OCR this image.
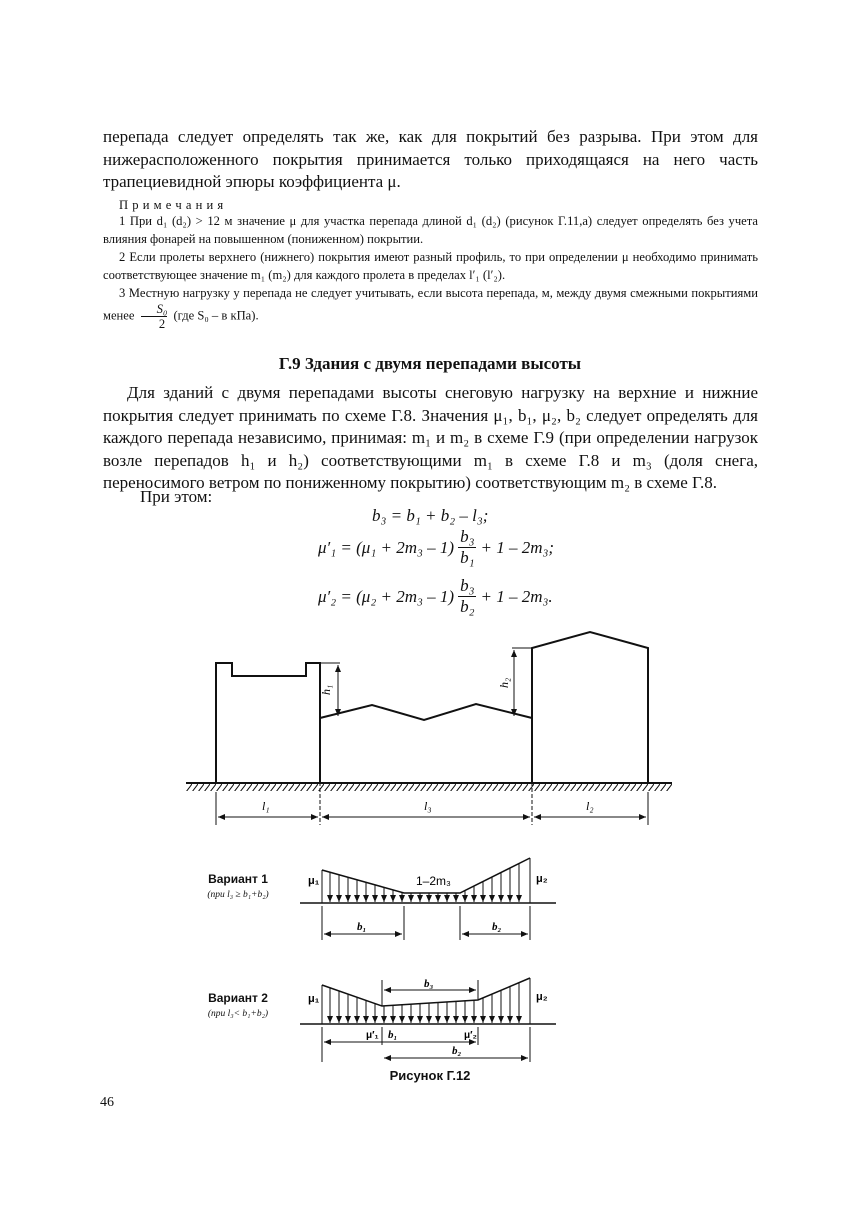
перепада следует определять так же, как для покрытий без разрыва. При этом для

нижерасположенного покрытия принимается только приходящаяся на него часть

трапециевидной эпюры коэффициента μ.

П р и м е ч а н и я

1 При d₁ (d₂) > 12 м значение μ для участка перепада длиной d₁ (d₂) (рисунок Г.11,а) следует определять без учета влияния фонарей на повышенном (пониженном) покрытии.

2 Если пролеты верхнего (нижнего) покрытия имеют разный профиль, то при определении μ необходимо принимать соответствующее значение m₁ (m₂) для каждого пролета в пределах l′₁ (l′₂).

3 Местную нагрузку у перепада не следует учитывать, если высота перепада, м, между двумя смежными покрытиями менее $\frac{\text{S₀}}{2} (где$ S₀ – в кПа).
Г.9 Здания с двумя перепадами высоты

Для зданий с двумя перепадами высоты снеговую нагрузку на верхние и нижние покрытия следует принимать по схеме Г.8. Значения μ₁, b₁, μ₂, b₂ следует определять для каждого перепада независимо, принимая: m₁ и m₂ в схеме Г.9 (при определении нагрузок возле перепадов h₁ и h₂) соответствующими m₁ в схеме Г.8 и m₃ (доля снега, переносимого ветром по пониженному покрытию) соответствующим m₂ в схеме Г.8.

При этом:

b₃ = b₁ + b₂ – l₃;
$\mu'_1 = (\mu_1 + 2m_3 - 1) \frac{\text{b₃}}{\text{b₁}} + 1 - 2m_3$;
$\mu'_2 = (\mu_2 + 2m_3 - 1) \frac{\text{b₃}}{\text{b₂}} + 1 - 2m_3$.
h₁
h₂
l₁	l₃	l₂
μ₁	1–2m₃	μ₂
b₁	b₂
μ₁	μ₂
b₃
μ′₁ b₁	μ′₂
b₂
Вариант 1
(при l₃ ≥ b₁+b₂)
Вариант 2
(при l₃< b₁+b₂)
Рисунок Г.12
46
